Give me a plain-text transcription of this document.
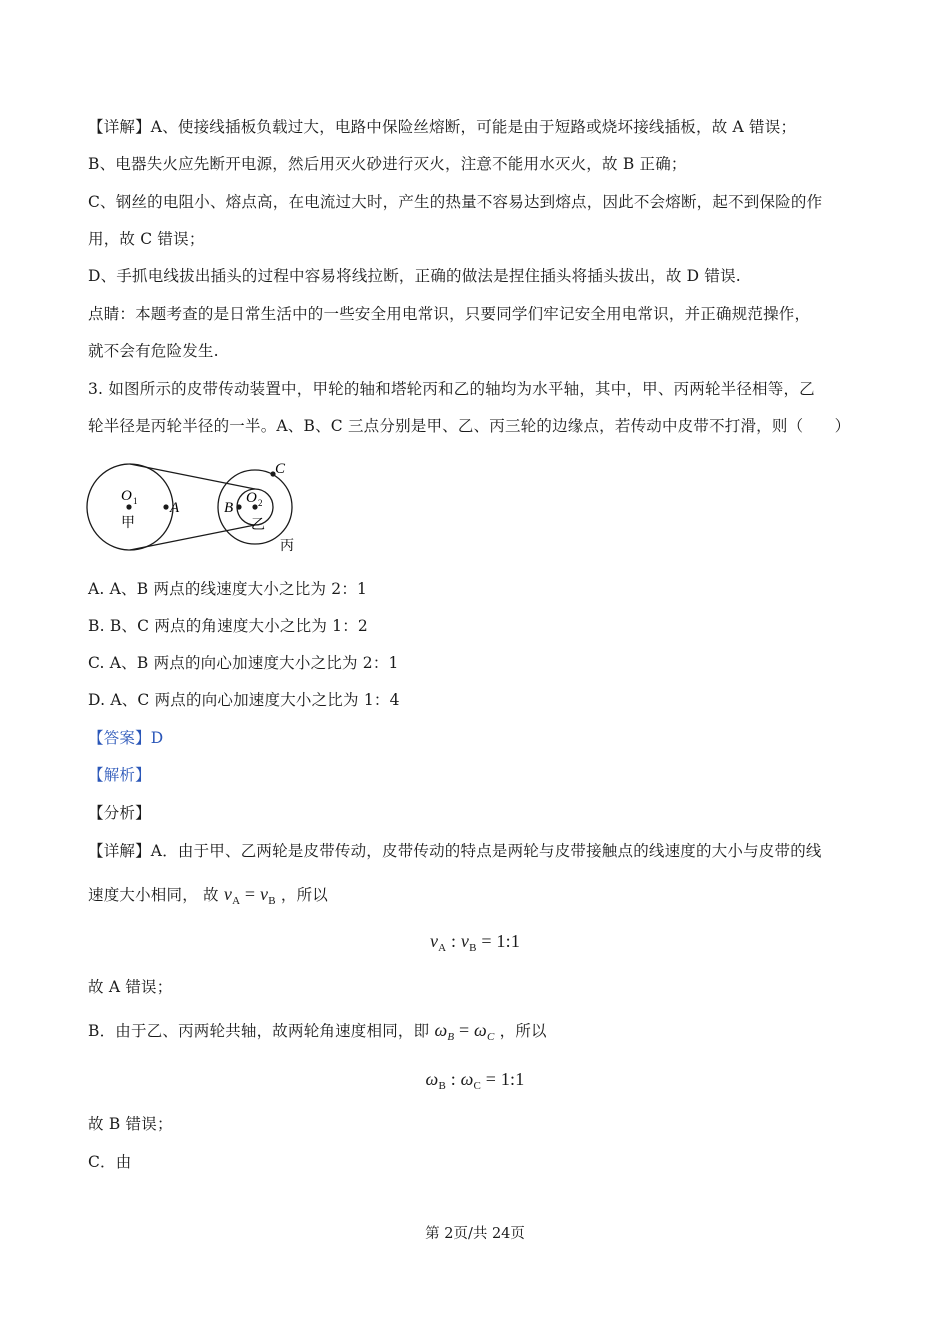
【详解】A、使接线插板负载过大，电路中保险丝熔断，可能是由于短路或烧坏接线插板，故 A 错误；
B、电器失火应先断开电源，然后用灭火砂进行灭火，注意不能用水灭火，故 B 正确；
C、钢丝的电阻小、熔点高，在电流过大时，产生的热量不容易达到熔点，因此不会熔断，起不到保险的作
用，故 C 错误；
D、手抓电线拔出插头的过程中容易将线拉断，正确的做法是捏住插头将插头拔出，故 D 错误.
点睛：本题考查的是日常生活中的一些安全用电常识，只要同学们牢记安全用电常识，并正确规范操作，
就不会有危险发生.
3. 如图所示的皮带传动装置中，甲轮的轴和塔轮丙和乙的轴均为水平轴，其中，甲、丙两轮半径相等，乙
轮半径是丙轮半径的一半。A、B、C 三点分别是甲、乙、丙三轮的边缘点，若传动中皮带不打滑，则（　　）
O 1
甲
A	B
O 2
乙
C
丙
A. A、B 两点的线速度大小之比为 2：1
B. B、C 两点的角速度大小之比为 1：2
C. A、B 两点的向心加速度大小之比为 2：1
D. A、C 两点的向心加速度大小之比为 1：4
【答案】D
【解析】
【分析】
【详解】A．由于甲、乙两轮是皮带传动，皮带传动的特点是两轮与皮带接触点的线速度的大小与皮带的线
速度大小相同， 故 $v_A = v_B$ ，所以
$v_A$ : $v_B$ = 1:1
故 A 错误；
B．由于乙、丙两轮共轴，故两轮角速度相同，即 $\omega_B = \omega_C$ ，所以
$\omega_B$ : $\omega_C$ = 1:1
故 B 错误；
C．由
第 2页/共 24页
